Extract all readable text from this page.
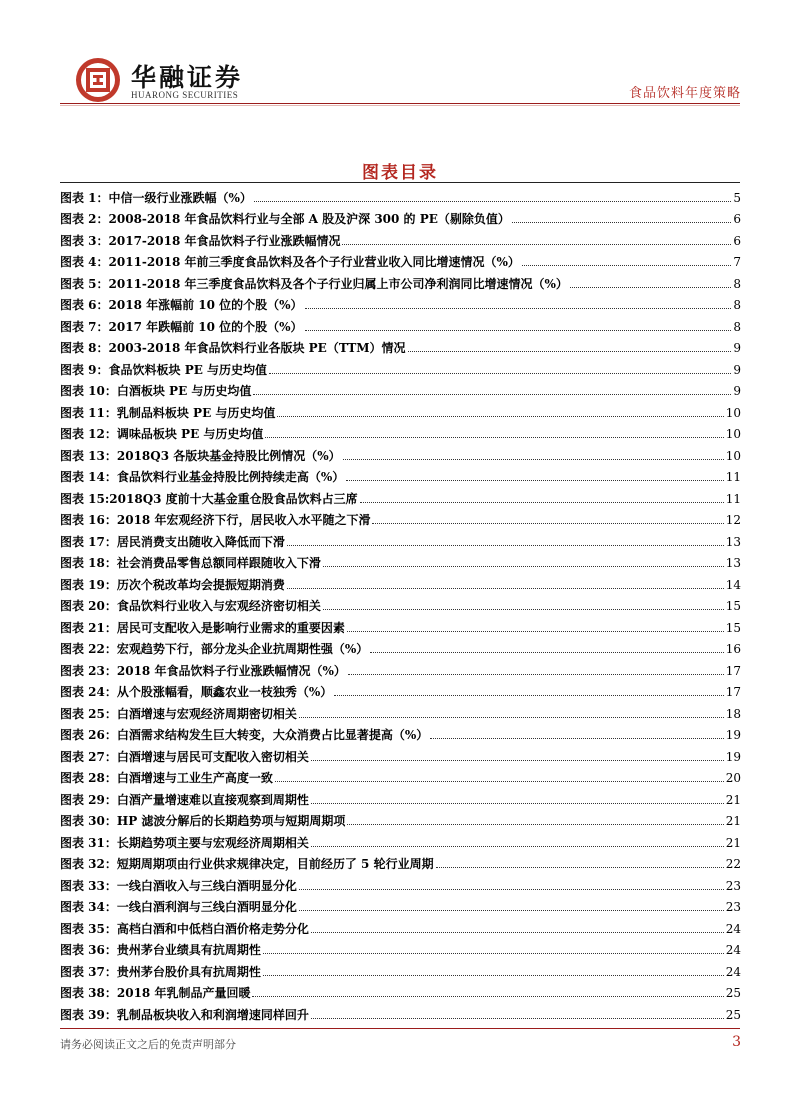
华融证券
HUARONG SECURITIES	食品饮料年度策略
图表目录
图表 1：中信一级行业涨跌幅（%）	5
图表 2：2008-2018 年食品饮料行业与全部 A 股及沪深 300 的 PE（剔除负值）	6
图表 3：2017-2018 年食品饮料子行业涨跌幅情况	6
图表 4：2011-2018 年前三季度食品饮料及各个子行业营业收入同比增速情况（%）	7
图表 5：2011-2018 年三季度食品饮料及各个子行业归属上市公司净利润同比增速情况（%）	8
图表 6：2018 年涨幅前 10 位的个股（%）	8
图表 7：2017 年跌幅前 10 位的个股（%）	8
图表 8：2003-2018 年食品饮料行业各版块 PE（TTM）情况	9
图表 9：食品饮料板块 PE 与历史均值	9
图表 10：白酒板块 PE 与历史均值	9
图表 11：乳制品料板块 PE 与历史均值	10
图表 12：调味品板块 PE 与历史均值	10
图表 13：2018Q3 各版块基金持股比例情况（%）	10
图表 14：食品饮料行业基金持股比例持续走高（%）	11
图表 15:2018Q3 度前十大基金重仓股食品饮料占三席	11
图表 16：2018 年宏观经济下行，居民收入水平随之下滑	12
图表 17：居民消费支出随收入降低而下滑	13
图表 18：社会消费品零售总额同样跟随收入下滑	13
图表 19：历次个税改革均会提振短期消费	14
图表 20：食品饮料行业收入与宏观经济密切相关	15
图表 21：居民可支配收入是影响行业需求的重要因素	15
图表 22：宏观趋势下行，部分龙头企业抗周期性强（%）	16
图表 23：2018 年食品饮料子行业涨跌幅情况（%）	17
图表 24：从个股涨幅看，顺鑫农业一枝独秀（%）	17
图表 25：白酒增速与宏观经济周期密切相关	18
图表 26：白酒需求结构发生巨大转变，大众消费占比显著提高（%）	19
图表 27：白酒增速与居民可支配收入密切相关	19
图表 28：白酒增速与工业生产高度一致	20
图表 29：白酒产量增速难以直接观察到周期性	21
图表 30：HP 滤波分解后的长期趋势项与短期周期项	21
图表 31：长期趋势项主要与宏观经济周期相关	21
图表 32：短期周期项由行业供求规律决定，目前经历了 5 轮行业周期	22
图表 33：一线白酒收入与三线白酒明显分化	23
图表 34：一线白酒利润与三线白酒明显分化	23
图表 35：高档白酒和中低档白酒价格走势分化	24
图表 36：贵州茅台业绩具有抗周期性	24
图表 37：贵州茅台股价具有抗周期性	24
图表 38：2018 年乳制品产量回暖	25
图表 39：乳制品板块收入和利润增速同样回升	25
请务必阅读正文之后的免责声明部分	3
